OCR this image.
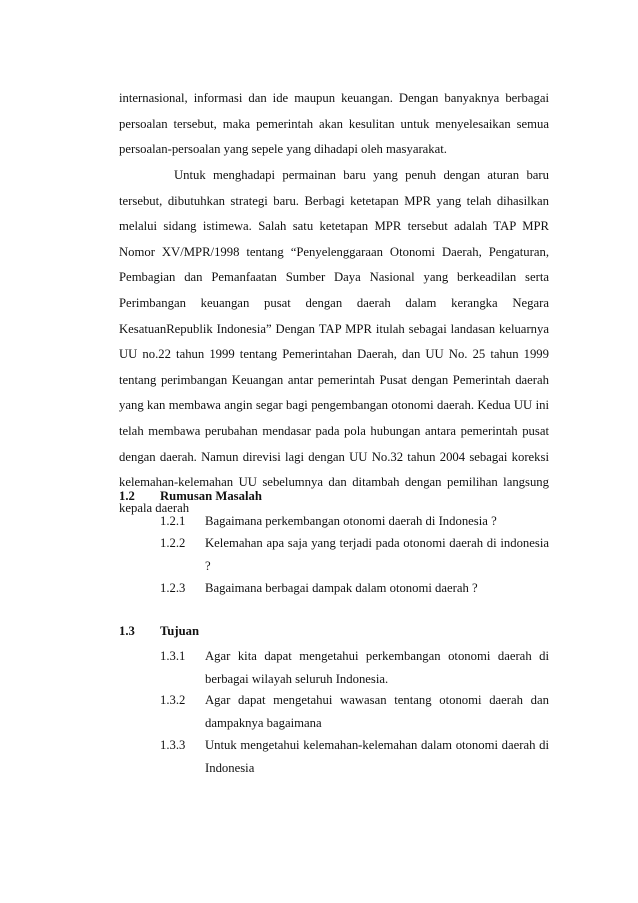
internasional, informasi dan ide maupun keuangan. Dengan banyaknya berbagai persoalan tersebut, maka pemerintah akan kesulitan untuk menyelesaikan semua persoalan-persoalan yang sepele yang dihadapi oleh masyarakat.

Untuk menghadapi permainan baru yang penuh dengan aturan baru tersebut, dibutuhkan strategi baru. Berbagi ketetapan MPR yang telah dihasilkan melalui sidang istimewa. Salah satu ketetapan MPR tersebut adalah TAP MPR Nomor XV/MPR/1998 tentang “Penyelenggaraan Otonomi Daerah, Pengaturan, Pembagian dan Pemanfaatan Sumber Daya Nasional yang berkeadilan serta Perimbangan keuangan pusat dengan daerah dalam kerangka Negara KesatuanRepublik Indonesia” Dengan TAP MPR itulah sebagai landasan keluarnya UU no.22 tahun 1999 tentang Pemerintahan Daerah, dan UU No. 25 tahun 1999 tentang perimbangan Keuangan antar pemerintah Pusat dengan Pemerintah daerah yang kan membawa angin segar bagi pengembangan otonomi daerah. Kedua UU ini telah membawa perubahan mendasar pada pola hubungan antara pemerintah pusat dengan daerah. Namun direvisi lagi dengan UU No.32 tahun 2004 sebagai koreksi kelemahan-kelemahan UU sebelumnya dan ditambah dengan pemilihan langsung kepala daerah

1.2 Rumusan Masalah
1.2.1 Bagaimana perkembangan otonomi daerah di Indonesia ?
1.2.2 Kelemahan apa saja yang terjadi pada otonomi daerah di indonesia ?
1.2.3 Bagaimana berbagai dampak dalam otonomi daerah ?
1.3 Tujuan
1.3.1 Agar kita dapat mengetahui perkembangan otonomi daerah di berbagai wilayah seluruh Indonesia.
1.3.2 Agar dapat mengetahui wawasan tentang otonomi daerah dan dampaknya bagaimana
1.3.3 Untuk mengetahui kelemahan-kelemahan dalam otonomi daerah di Indonesia
